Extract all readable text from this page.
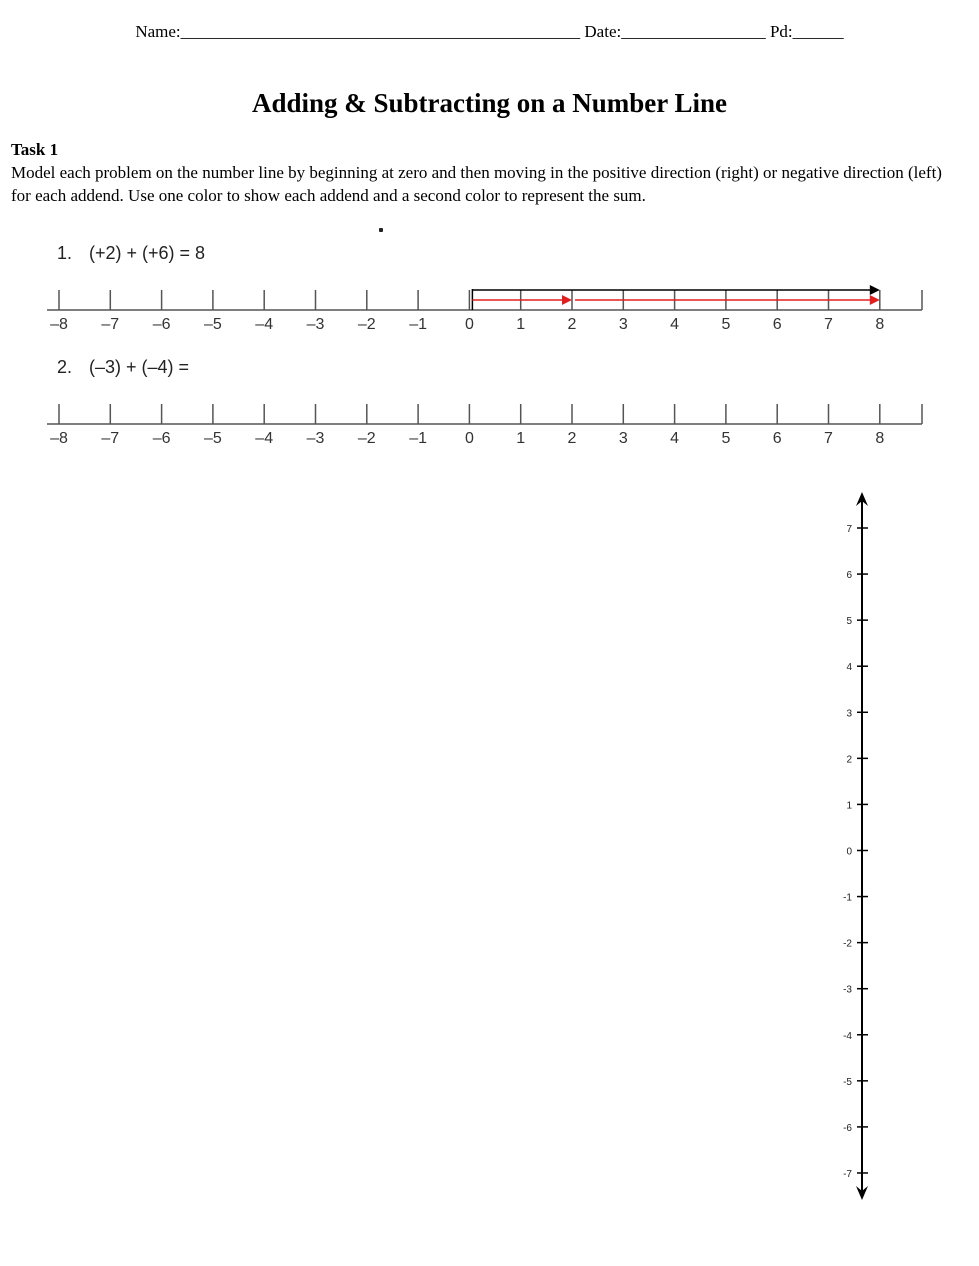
Name:_______________________________________________ Date:_________________ Pd:______
Adding & Subtracting on a Number Line
Task 1
Model each problem on the number line by beginning at zero and then moving in the positive direction (right) or negative direction (left) for each addend. Use one color to show each addend and a second color to represent the sum.
1. (+2) + (+6) = 8
–8 –7 –6 –5 –4 –3 –2 –1 0	1	2	3	4	5	6	7	8
2. (–3) + (–4) =
–8 –7 –6 –5 –4 –3 –2 –1 0	1	2	3	4	5	6	7	8
7
6
5
4
3
2
1
0
-1
-2
-3
-4
-5
-6
-7
